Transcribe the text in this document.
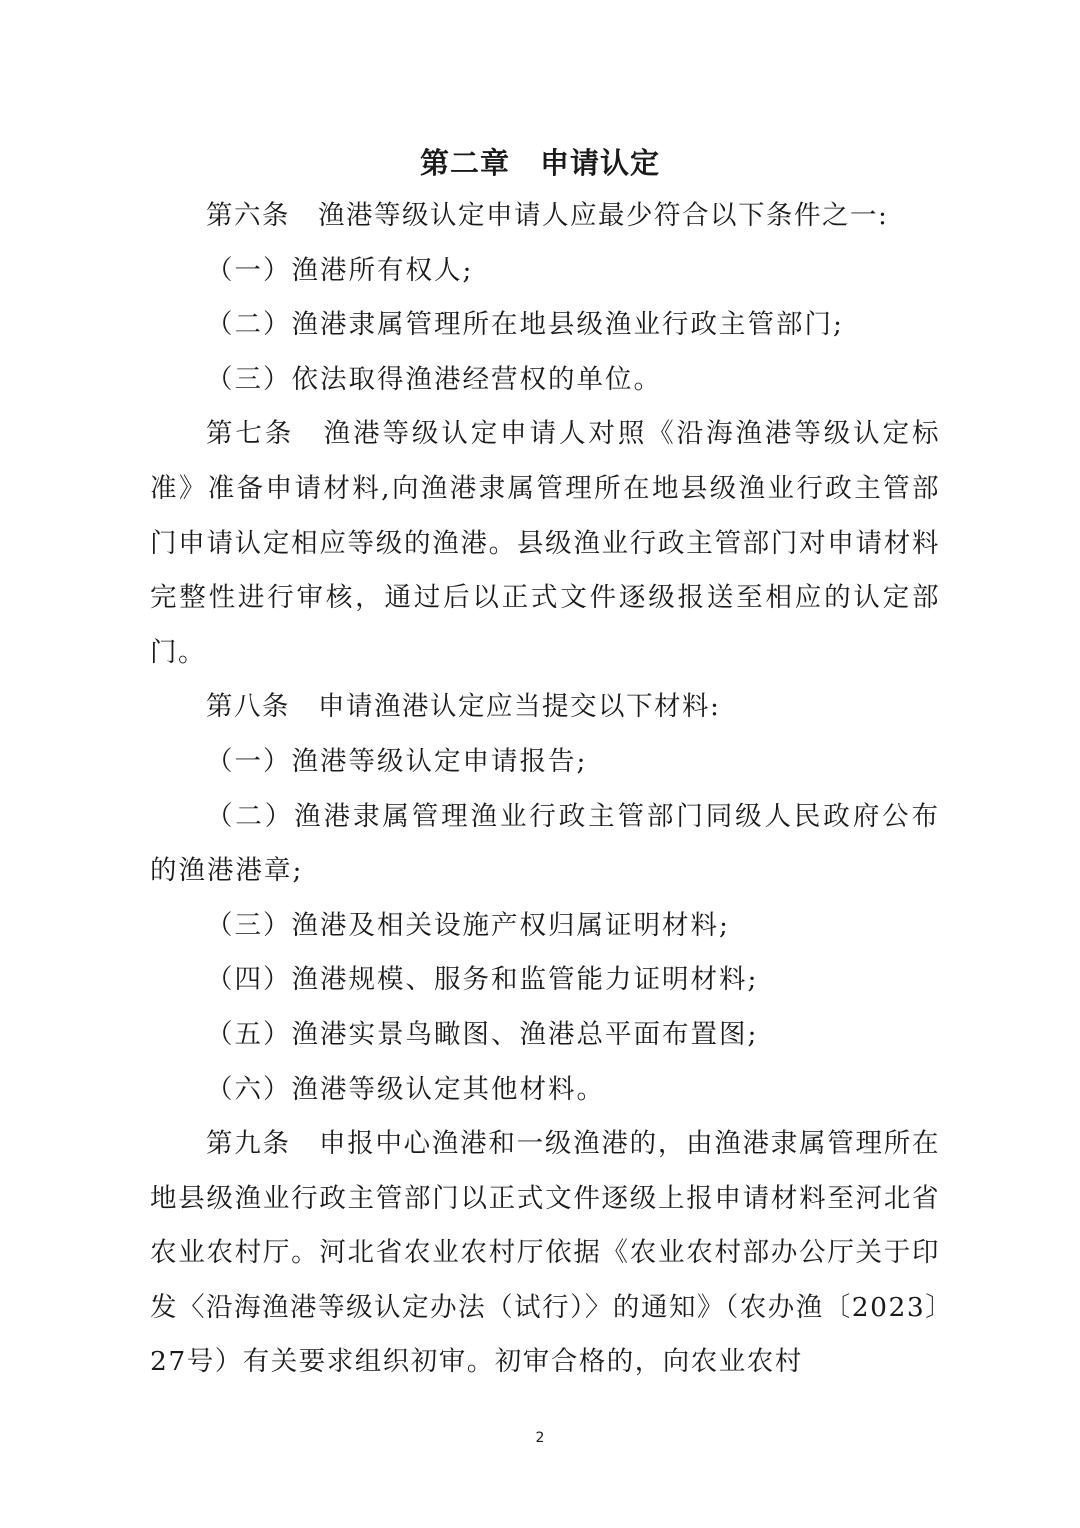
第二章　申请认定

第六条　渔港等级认定申请人应最少符合以下条件之一:

（一）渔港所有权人;

（二）渔港隶属管理所在地县级渔业行政主管部门;

（三）依法取得渔港经营权的单位。

第七条　渔港等级认定申请人对照《沿海渔港等级认定标准》准备申请材料,向渔港隶属管理所在地县级渔业行政主管部门申请认定相应等级的渔港。县级渔业行政主管部门对申请材料完整性进行审核，通过后以正式文件逐级报送至相应的认定部门。

第八条　申请渔港认定应当提交以下材料:

（一）渔港等级认定申请报告;

（二）渔港隶属管理渔业行政主管部门同级人民政府公布的渔港港章;

（三）渔港及相关设施产权归属证明材料;

（四）渔港规模、服务和监管能力证明材料;

（五）渔港实景鸟瞰图、渔港总平面布置图;

（六）渔港等级认定其他材料。

第九条　申报中心渔港和一级渔港的，由渔港隶属管理所在地县级渔业行政主管部门以正式文件逐级上报申请材料至河北省农业农村厅。河北省农业农村厅依据《农业农村部办公厅关于印发〈沿海渔港等级认定办法（试行）〉的通知》（农办渔〔2023〕27号）有关要求组织初审。初审合格的，向农业农村

2
